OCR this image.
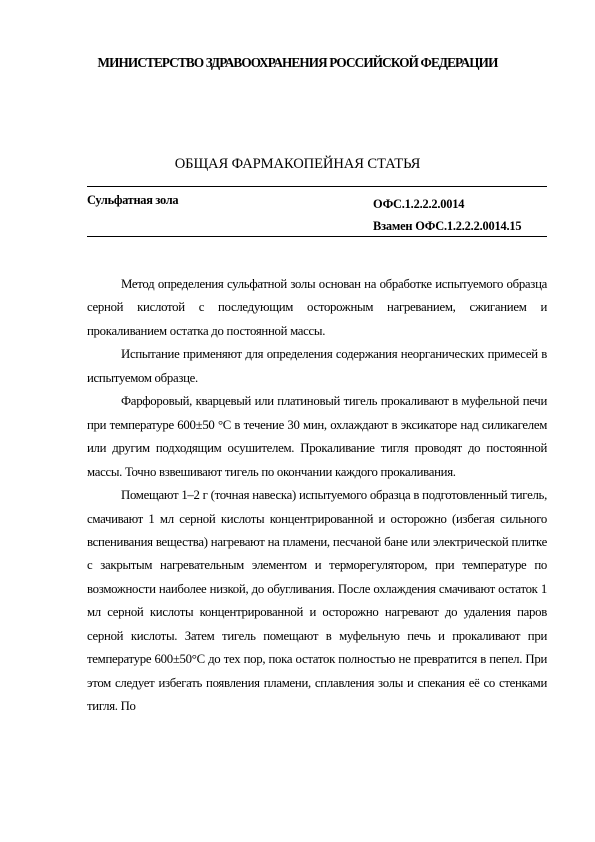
МИНИСТЕРСТВО ЗДРАВООХРАНЕНИЯ РОССИЙСКОЙ ФЕДЕРАЦИИ
ОБЩАЯ ФАРМАКОПЕЙНАЯ СТАТЬЯ
Сульфатная зола	ОФС.1.2.2.2.0014
Взамен ОФС.1.2.2.2.0014.15

Метод определения сульфатной золы основан на обработке испытуемого образца серной кислотой с последующим осторожным нагреванием, сжиганием и прокаливанием остатка до постоянной массы.

Испытание применяют для определения содержания неорганических примесей в испытуемом образце.

Фарфоровый, кварцевый или платиновый тигель прокаливают в муфельной печи при температуре 600±50 °С в течение 30 мин, охлаждают в эксикаторе над силикагелем или другим подходящим осушителем. Прокаливание тигля проводят до постоянной массы. Точно взвешивают тигель по окончании каждого прокаливания.

Помещают 1–2 г (точная навеска) испытуемого образца в подготовленный тигель, смачивают 1 мл серной кислоты концентрированной и осторожно (избегая сильного вспенивания вещества) нагревают на пламени, песчаной бане или электрической плитке с закрытым нагревательным элементом и терморегулятором, при температуре по возможности наиболее низкой, до обугливания. После охлаждения смачивают остаток 1 мл серной кислоты концентрированной и осторожно нагревают до удаления паров серной кислоты. Затем тигель помещают в муфельную печь и прокаливают при температуре 600±50°С до тех пор, пока остаток полностью не превратится в пепел. При этом следует избегать появления пламени, сплавления золы и спекания её со стенками тигля. По
